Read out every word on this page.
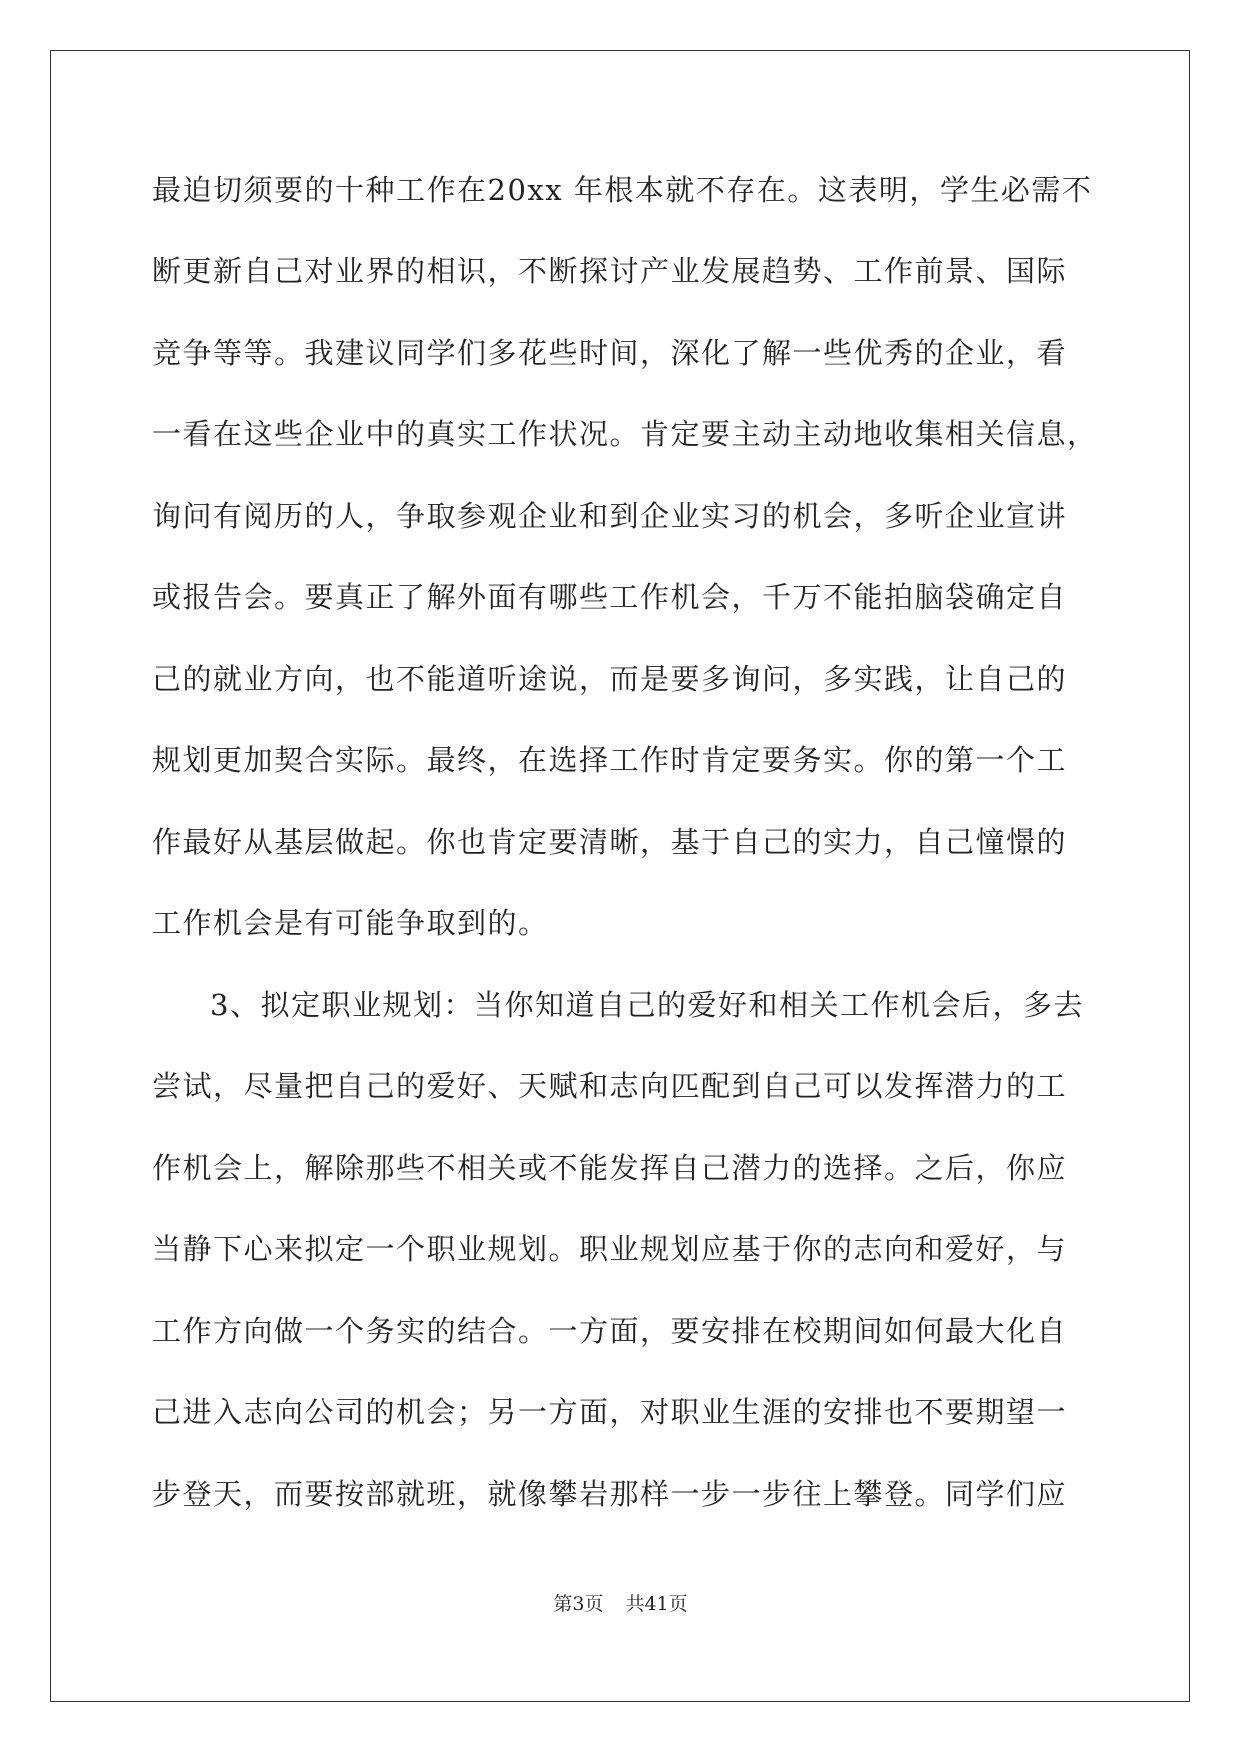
最迫切须要的十种工作在20xx 年根本就不存在。这表明，学生必需不
断更新自己对业界的相识，不断探讨产业发展趋势、工作前景、国际
竞争等等。我建议同学们多花些时间，深化了解一些优秀的企业，看
一看在这些企业中的真实工作状况。肯定要主动主动地收集相关信息，
询问有阅历的人，争取参观企业和到企业实习的机会，多听企业宣讲
或报告会。要真正了解外面有哪些工作机会，千万不能拍脑袋确定自
己的就业方向，也不能道听途说，而是要多询问，多实践，让自己的
规划更加契合实际。最终，在选择工作时肯定要务实。你的第一个工
作最好从基层做起。你也肯定要清晰，基于自己的实力，自己憧憬的
工作机会是有可能争取到的。
3、拟定职业规划：当你知道自己的爱好和相关工作机会后，多去
尝试，尽量把自己的爱好、天赋和志向匹配到自己可以发挥潜力的工
作机会上，解除那些不相关或不能发挥自己潜力的选择。之后，你应
当静下心来拟定一个职业规划。职业规划应基于你的志向和爱好，与
工作方向做一个务实的结合。一方面，要安排在校期间如何最大化自
己进入志向公司的机会；另一方面，对职业生涯的安排也不要期望一
步登天，而要按部就班，就像攀岩那样一步一步往上攀登。同学们应
第3页 共41页
